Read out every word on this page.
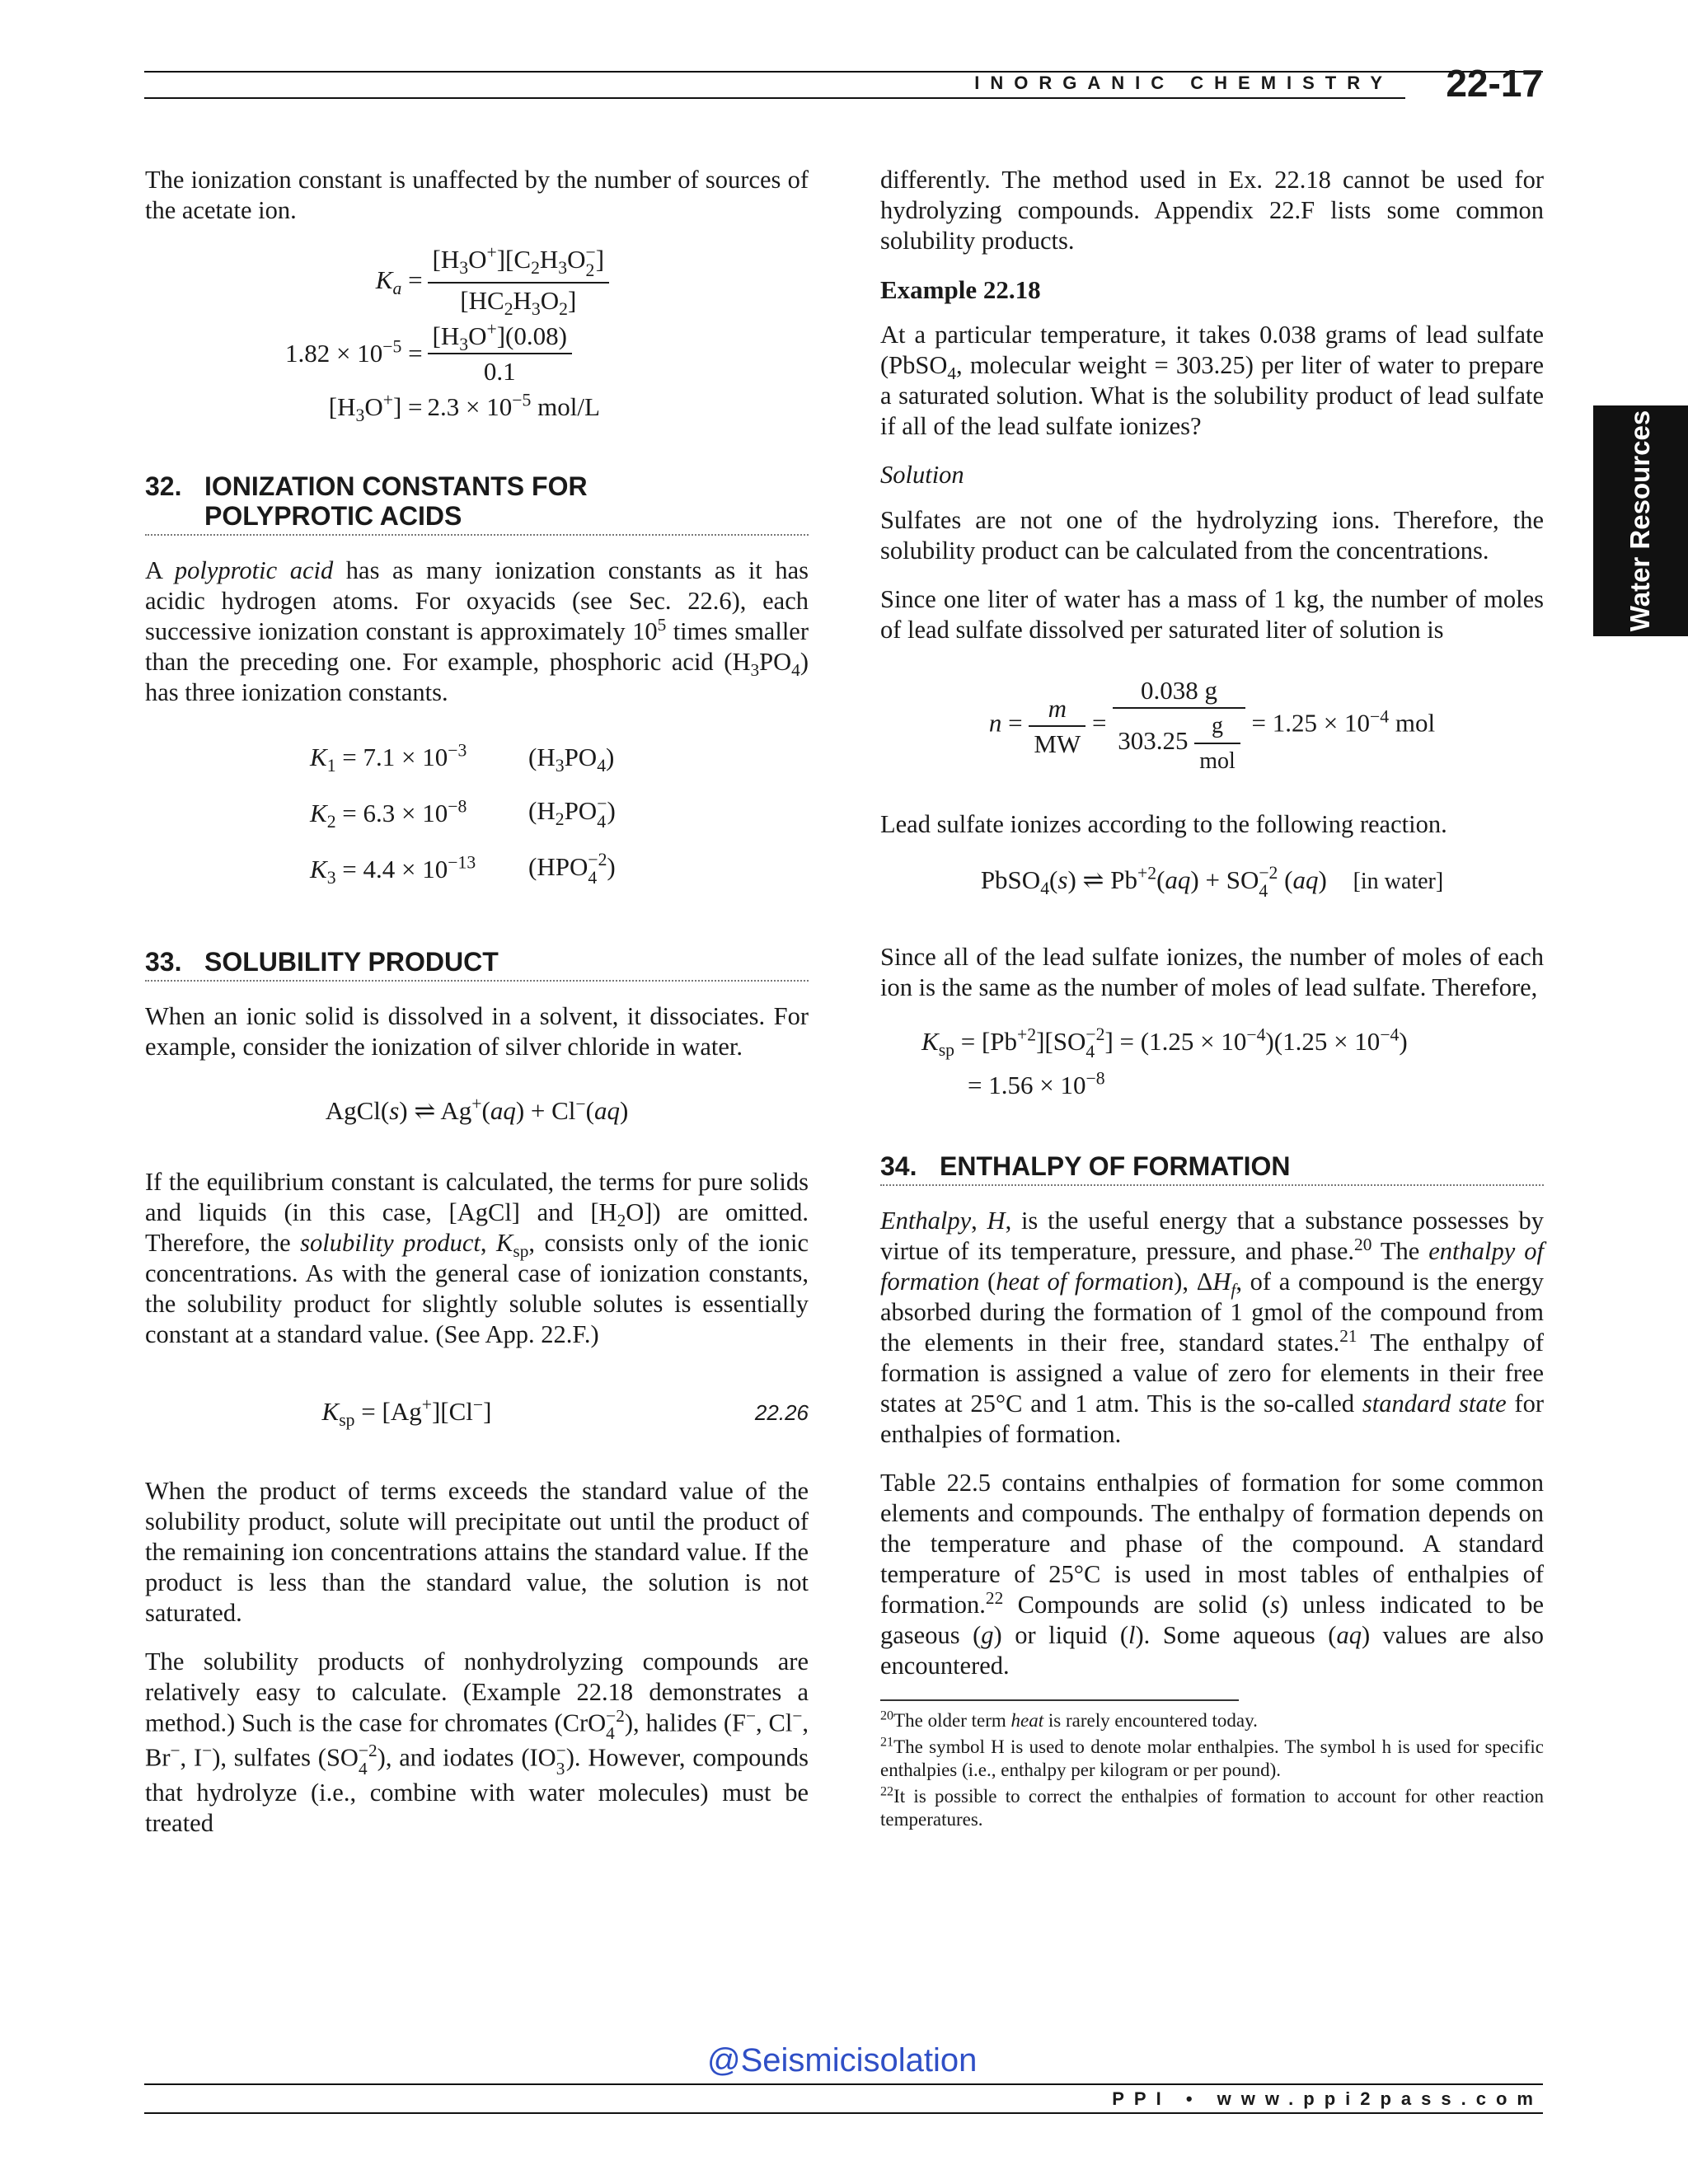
INORGANIC CHEMISTRY 22-17
Water Resources

The ionization constant is unaffected by the number of sources of the acetate ion.

$K_a = [H_3O^+][C_2H_3O$ −
2 ]
$[HC_2H_3O_2]$
$1.82 \times 10^{-5} = \frac{[H_3O^+](0.08)}{0.1}$
$[H_3O^+] = 2.3 \times 10^{-5}$ mol/L
32. IONIZATION CONSTANTS FOR
POLYPROTIC ACIDS

A polyprotic acid has as many ionization constants as it has acidic hydrogen atoms. For oxyacids (see Sec. 22.6), each successive ionization constant is approximately $10^5$ times smaller than the preceding one. For example, phosphoric acid $(H_3PO_4)$ has three ionization constants.

$K_1 = 7.1 \times 10^{-3}$	$(H_3PO_4)$
$K_2 = 6.3 \times 10^{-8}$	($H_2PO$ −
4 )
$K_3 = 4.4 \times 10^{-13}$	(HPO −2
4 )
33. SOLUBILITY PRODUCT

When an ionic solid is dissolved in a solvent, it dissociates. For example, consider the ionization of silver chloride in water.

AgCl(s) ⇌ Ag+(aq) + Cl−(aq)

If the equilibrium constant is calculated, the terms for pure solids and liquids (in this case, [AgCl] and $[H_2O]$) are omitted. Therefore, the solubility product, $K_{sp}$, consists only of the ionic concentrations. As with the general case of ionization constants, the solubility product for slightly soluble solutes is essentially constant at a standard value. (See App. 22.F.)

$K_{sp} = [Ag^+][Cl^-]$	22.26

When the product of terms exceeds the standard value of the solubility product, solute will precipitate out until the product of the remaining ion concentrations attains the standard value. If the product is less than the standard value, the solution is not saturated.

The solubility products of nonhydrolyzing compounds are relatively easy to calculate. (Example 22.18 demonstrates a method.) Such is the case for chromates (CrO −2
4 ), halides (F−, Cl−, Br−, I−), sulfates (SO −2
4 ), and iodates (IO −
3 ). However, compounds that hydrolyze (i.e., combine with water molecules) must be treated

differently. The method used in Ex. 22.18 cannot be used for hydrolyzing compounds. Appendix 22.F lists some common solubility products.

Example 22.18

At a particular temperature, it takes 0.038 grams of lead sulfate (PbSO$_4$, molecular weight = 303.25) per liter of water to prepare a saturated solution. What is the solubility product of lead sulfate if all of the lead sulfate ionizes?

Solution

Sulfates are not one of the hydrolyzing ions. Therefore, the solubility product can be calculated from the concentrations.

Since one liter of water has a mass of 1 kg, the number of moles of lead sulfate dissolved per saturated liter of solution is

$n = \frac{m}{MW} = \frac{0.038 g}{303.25 \frac{g}{\text{mol}}} = 1.25 \times 10^{-4}$ mol

Lead sulfate ionizes according to the following reaction.

PbSO$_4$(s) ⇌ $Pb^{+2}(aq)$ + SO −2
4 (aq) [in water]

Since all of the lead sulfate ionizes, the number of moles of each ion is the same as the number of moles of lead sulfate. Therefore,

$K_{sp} = [Pb^{+2}][SO -2$
4 ] = $(1.25 \times 10^{-4})(1.25 \times 10^{-4})$
= $1.56 \times 10^{-8}$
34. ENTHALPY OF FORMATION

Enthalpy, H, is the useful energy that a substance possesses by virtue of its temperature, pressure, and phase.$^{20}$ The enthalpy of formation (heat of formation), $\Delta H_f$, of a compound is the energy absorbed during the formation of 1 gmol of the compound from the elements in their free, standard states.$^{21}$ The enthalpy of formation is assigned a value of zero for elements in their free states at 25°C and 1 atm. This is the so-called standard state for enthalpies of formation.

Table 22.5 contains enthalpies of formation for some common elements and compounds. The enthalpy of formation depends on the temperature and phase of the compound. A standard temperature of 25°C is used in most tables of enthalpies of formation.$^{22}$ Compounds are solid (s) unless indicated to be gaseous (g) or liquid (l). Some aqueous (aq) values are also encountered.

$^{20}$The older term heat is rarely encountered today.

$^{21}$The symbol H is used to denote molar enthalpies. The symbol h is used for specific enthalpies (i.e., enthalpy per kilogram or per pound).

$^{22}$It is possible to correct the enthalpies of formation to account for other reaction temperatures.

@Seismicisolation
PPI • www.ppi2pass.com
